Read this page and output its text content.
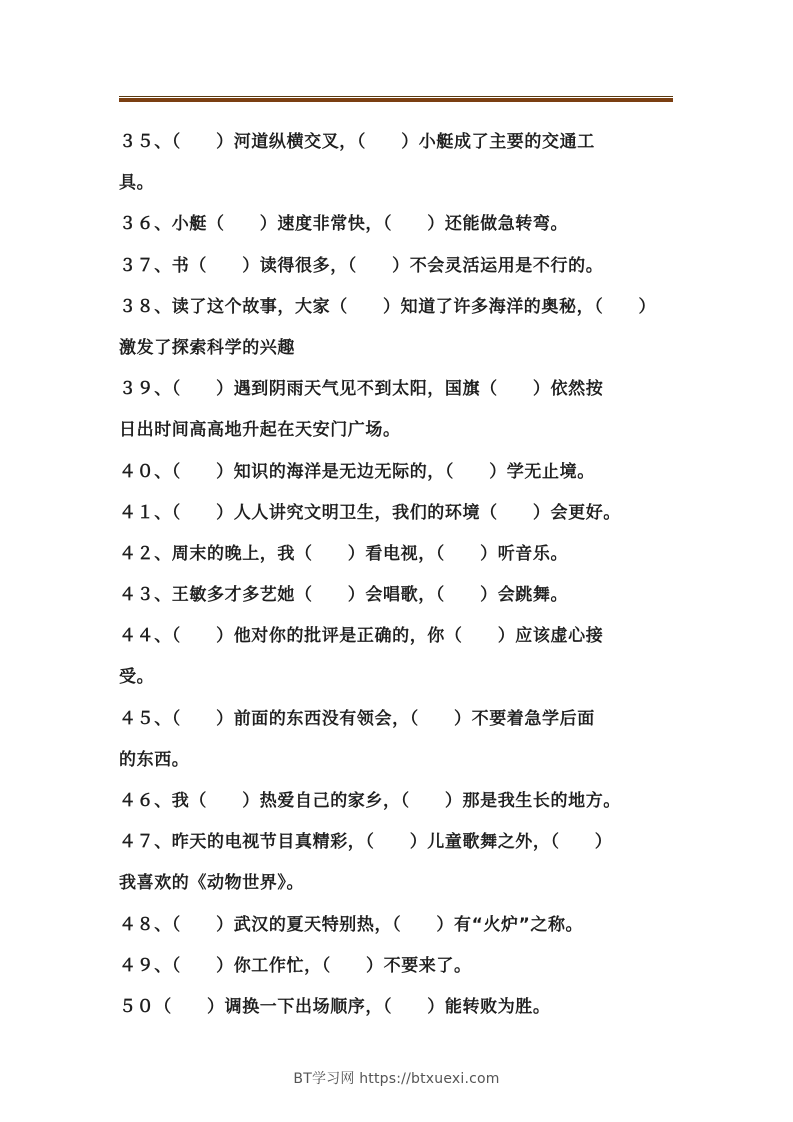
３５、（　　）河道纵横交叉，（　　）小艇成了主要的交通工
具。
３６、小艇（　　）速度非常快，（　　）还能做急转弯。
３７、书（　　）读得很多，（　　）不会灵活运用是不行的。
３８、读了这个故事，大家（　　）知道了许多海洋的奥秘，（　　）
激发了探索科学的兴趣
３９、（　　）遇到阴雨天气见不到太阳，国旗（　　）依然按
日出时间高高地升起在天安门广场。
４０、（　　）知识的海洋是无边无际的，（　　）学无止境。
４１、（　　）人人讲究文明卫生，我们的环境（　　）会更好。
４２、周末的晚上，我（　　）看电视，（　　）听音乐。
４３、王敏多才多艺她（　　）会唱歌，（　　）会跳舞。
４４、（　　）他对你的批评是正确的，你（　　）应该虚心接
受。
４５、（　　）前面的东西没有领会，（　　）不要着急学后面
的东西。
４６、我（　　）热爱自己的家乡，（　　）那是我生长的地方。
４７、昨天的电视节目真精彩，（　　）儿童歌舞之外，（　　）
我喜欢的《动物世界》。
４８、（　　）武汉的夏天特别热，（　　）有“火炉”之称。
４９、（　　）你工作忙，（　　）不要来了。
５０（　　）调换一下出场顺序，（　　）能转败为胜。
BT学习网 https://btxuexi.com
